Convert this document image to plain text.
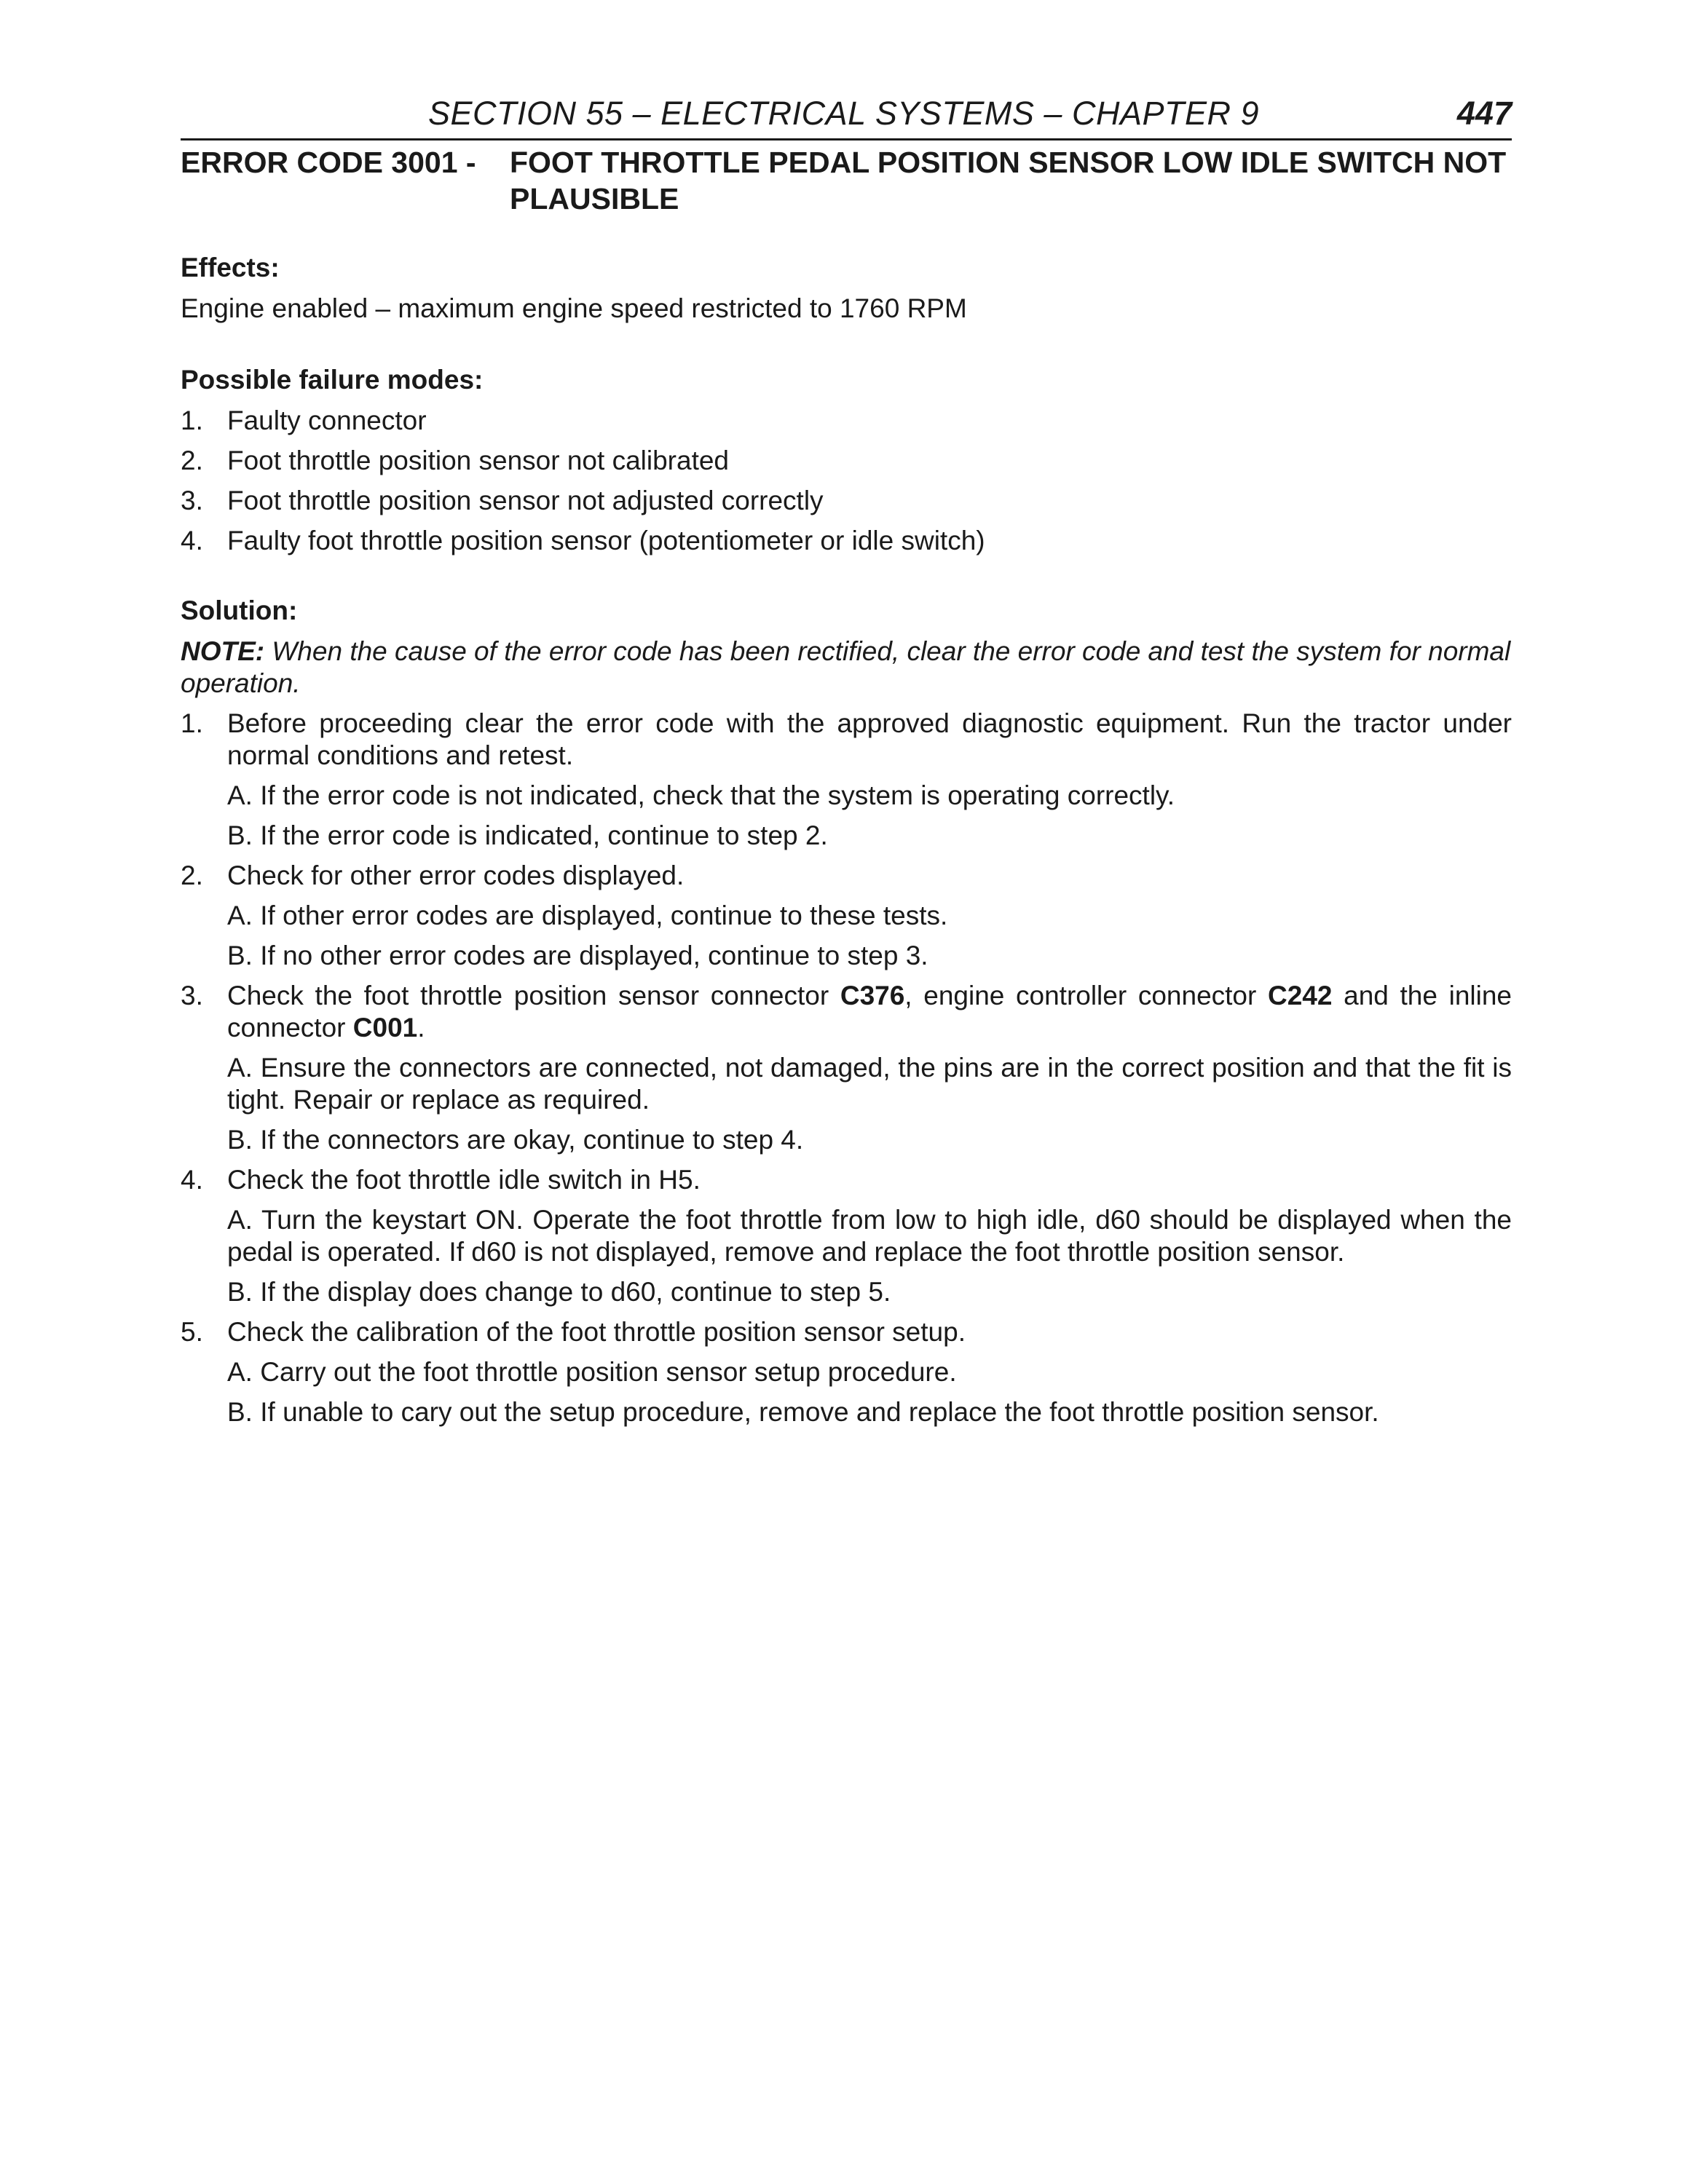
SECTION 55 – ELECTRICAL SYSTEMS – CHAPTER 9	447
ERROR CODE 3001 - FOOT THROTTLE PEDAL POSITION SENSOR LOW IDLE SWITCH NOT PLAUSIBLE
Effects:
Engine enabled – maximum engine speed restricted to 1760 RPM
Possible failure modes:
1. Faulty connector
2. Foot throttle position sensor not calibrated
3. Foot throttle position sensor not adjusted correctly
4. Faulty foot throttle position sensor (potentiometer or idle switch)
Solution:
NOTE: When the cause of the error code has been rectified, clear the error code and test the system for normal operation.
1. Before proceeding clear the error code with the approved diagnostic equipment. Run the tractor under normal conditions and retest.
A. If the error code is not indicated, check that the system is operating correctly.
B. If the error code is indicated, continue to step 2.
2. Check for other error codes displayed.
A. If other error codes are displayed, continue to these tests.
B. If no other error codes are displayed, continue to step 3.
3. Check the foot throttle position sensor connector C376, engine controller connector C242 and the inline connector C001.
A. Ensure the connectors are connected, not damaged, the pins are in the correct position and that the fit is tight. Repair or replace as required.
B. If the connectors are okay, continue to step 4.
4. Check the foot throttle idle switch in H5.
A. Turn the keystart ON. Operate the foot throttle from low to high idle, d60 should be displayed when the pedal is operated. If d60 is not displayed, remove and replace the foot throttle position sensor.
B. If the display does change to d60, continue to step 5.
5. Check the calibration of the foot throttle position sensor setup.
A. Carry out the foot throttle position sensor setup procedure.
B. If unable to cary out the setup procedure, remove and replace the foot throttle position sensor.
